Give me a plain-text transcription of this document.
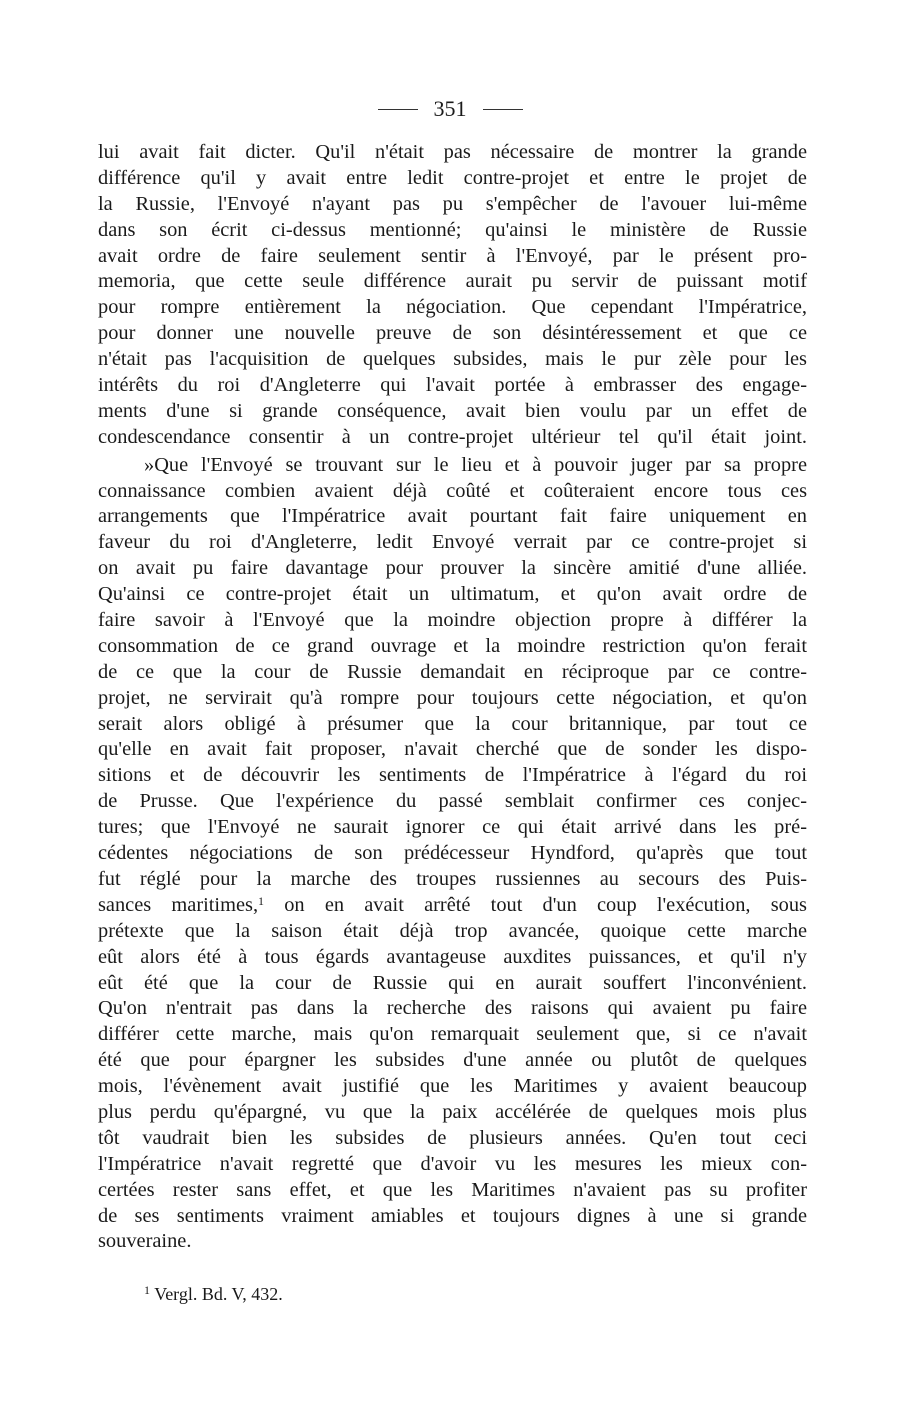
351
lui avait fait dicter. Qu'il n'était pas nécessaire de montrer la grande
différence qu'il y avait entre ledit contre-projet et entre le projet de
la Russie, l'Envoyé n'ayant pas pu s'empêcher de l'avouer lui-même
dans son écrit ci-dessus mentionné; qu'ainsi le ministère de Russie
avait ordre de faire seulement sentir à l'Envoyé, par le présent pro-
memoria, que cette seule différence aurait pu servir de puissant motif
pour rompre entièrement la négociation. Que cependant l'Impératrice,
pour donner une nouvelle preuve de son désintéressement et que ce
n'était pas l'acquisition de quelques subsides, mais le pur zèle pour les
intérêts du roi d'Angleterre qui l'avait portée à embrasser des engage-
ments d'une si grande conséquence, avait bien voulu par un effet de
condescendance consentir à un contre-projet ultérieur tel qu'il était joint.
»Que l'Envoyé se trouvant sur le lieu et à pouvoir juger par sa propre
connaissance combien avaient déjà coûté et coûteraient encore tous ces
arrangements que l'Impératrice avait pourtant fait faire uniquement en
faveur du roi d'Angleterre, ledit Envoyé verrait par ce contre-projet si
on avait pu faire davantage pour prouver la sincère amitié d'une alliée.
Qu'ainsi ce contre-projet était un ultimatum, et qu'on avait ordre de
faire savoir à l'Envoyé que la moindre objection propre à différer la
consommation de ce grand ouvrage et la moindre restriction qu'on ferait
de ce que la cour de Russie demandait en réciproque par ce contre-
projet, ne servirait qu'à rompre pour toujours cette négociation, et qu'on
serait alors obligé à présumer que la cour britannique, par tout ce
qu'elle en avait fait proposer, n'avait cherché que de sonder les dispo-
sitions et de découvrir les sentiments de l'Impératrice à l'égard du roi
de Prusse. Que l'expérience du passé semblait confirmer ces conjec-
tures; que l'Envoyé ne saurait ignorer ce qui était arrivé dans les pré-
cédentes négociations de son prédécesseur Hyndford, qu'après que tout
fut réglé pour la marche des troupes russiennes au secours des Puis-
sances maritimes,$^1$ on en avait arrêté tout d'un coup l'exécution, sous
prétexte que la saison était déjà trop avancée, quoique cette marche
eût alors été à tous égards avantageuse auxdites puissances, et qu'il n'y
eût été que la cour de Russie qui en aurait souffert l'inconvénient.
Qu'on n'entrait pas dans la recherche des raisons qui avaient pu faire
différer cette marche, mais qu'on remarquait seulement que, si ce n'avait
été que pour épargner les subsides d'une année ou plutôt de quelques
mois, l'évènement avait justifié que les Maritimes y avaient beaucoup
plus perdu qu'épargné, vu que la paix accélérée de quelques mois plus
tôt vaudrait bien les subsides de plusieurs années. Qu'en tout ceci
l'Impératrice n'avait regretté que d'avoir vu les mesures les mieux con-
certées rester sans effet, et que les Maritimes n'avaient pas su profiter
de ses sentiments vraiment amiables et toujours dignes à une si grande
souveraine.
$^1$ Vergl. Bd. V, 432.
